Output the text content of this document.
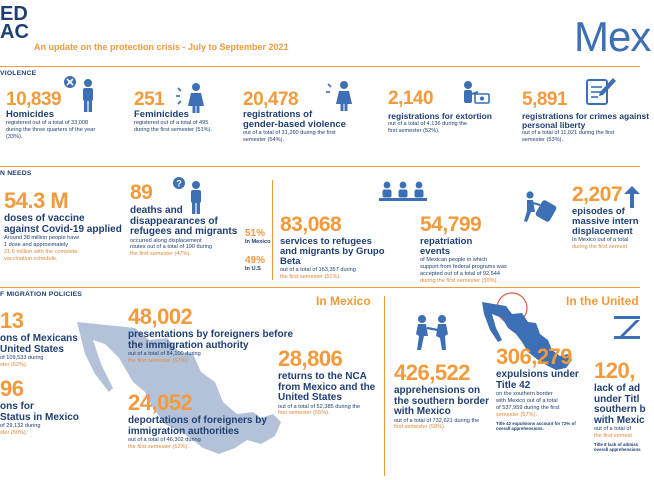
ED
AC
An update on the protection crisis - July to September 2021	Mex
VIOLENCE
10,839
Homicides
registered out of a total of 33,008
during the three quarters of the year
(33%).
251
Feminicides
registered out of a total of 495
during the first semester (51%).
20,478
registrations of
gender-based violence
out of a total of 31,260 during the first
semester (54%).
2,140
registrations for extortion
out of a total of 4,136 during the
first semester (52%).
5,891
registrations for crimes against
personal liberty
out of a total of 11,021 during the first
semester (53%).
N NEEDS
54.3 M
doses of vaccine
against Covid-19 applied
Around 38 million people have
1 dose and approximately
21.6 million with the complete
vaccination schedule.
89
deaths and
disappearances of
refugees and migrants
occurred along displacement
routes out of a total of 190 during
the first semester (47%).
?
51%
In Mexico
49%
In U.S
83,068
services to refugees
and migrants by Grupo
Beta
out of a total of 163,357 during
the first semester (51%).
54,799
repatriation
events
of Mexican people in which
support from federal programs was
accepted out of a total of 92,544
during the first semester (59%).
2,207
episodes of
massive intern
displacement
In Mexico out of a total
during the first semest
F MIGRATION POLICIES	In Mexico
13
ons of Mexicans
United States
of 109,533 during
ster (62%).
96
ons for
Status in Mexico
of 29,132 during
ster (50%).
48,002
presentations by foreigners before
the immigration authority
out of a total of 84,100 during
the first semester (57%).
24,052
deportations of foreigners by
immigration authorities
out of a total of 46,302 during
the first semester (52%).
28,806
returns to the NCA
from Mexico and the
United States
out of a total of 52,385 during the
first semester (55%).
In the United
426,522
apprehensions on
the southern border
with Mexico
out of a total of 732,621 during the
first semester (58%).
306,279
expulsions under
Title 42
on the southern border
with Mexico out of a total
of 537,959 during the first
semester (57%).
Title 42 expulsions account for 72% of
overall apprehensions.
120,
lack of ad
under Titl
southern b
with Mexic
out of a total of
the first semest
Title 8 lack of admiss
overall apprehensions
